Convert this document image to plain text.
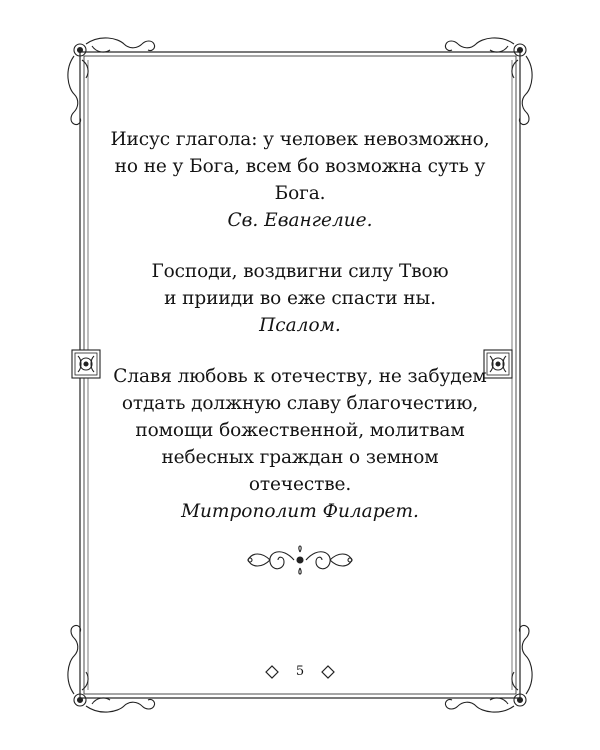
Иисус глагола: у человек невозможно,
но не у Бога, всем бо возможна суть у
Бога.
Св. Евангелие.
Господи, воздвигни силу Твою
и прииди во еже спасти ны.
Псалом.
Славя любовь к отечеству, не забудем
отдать должную славу благочестию,
помощи божественной, молитвам
небесных граждан о земном
отечестве.
Митрополит Филарет.
5
